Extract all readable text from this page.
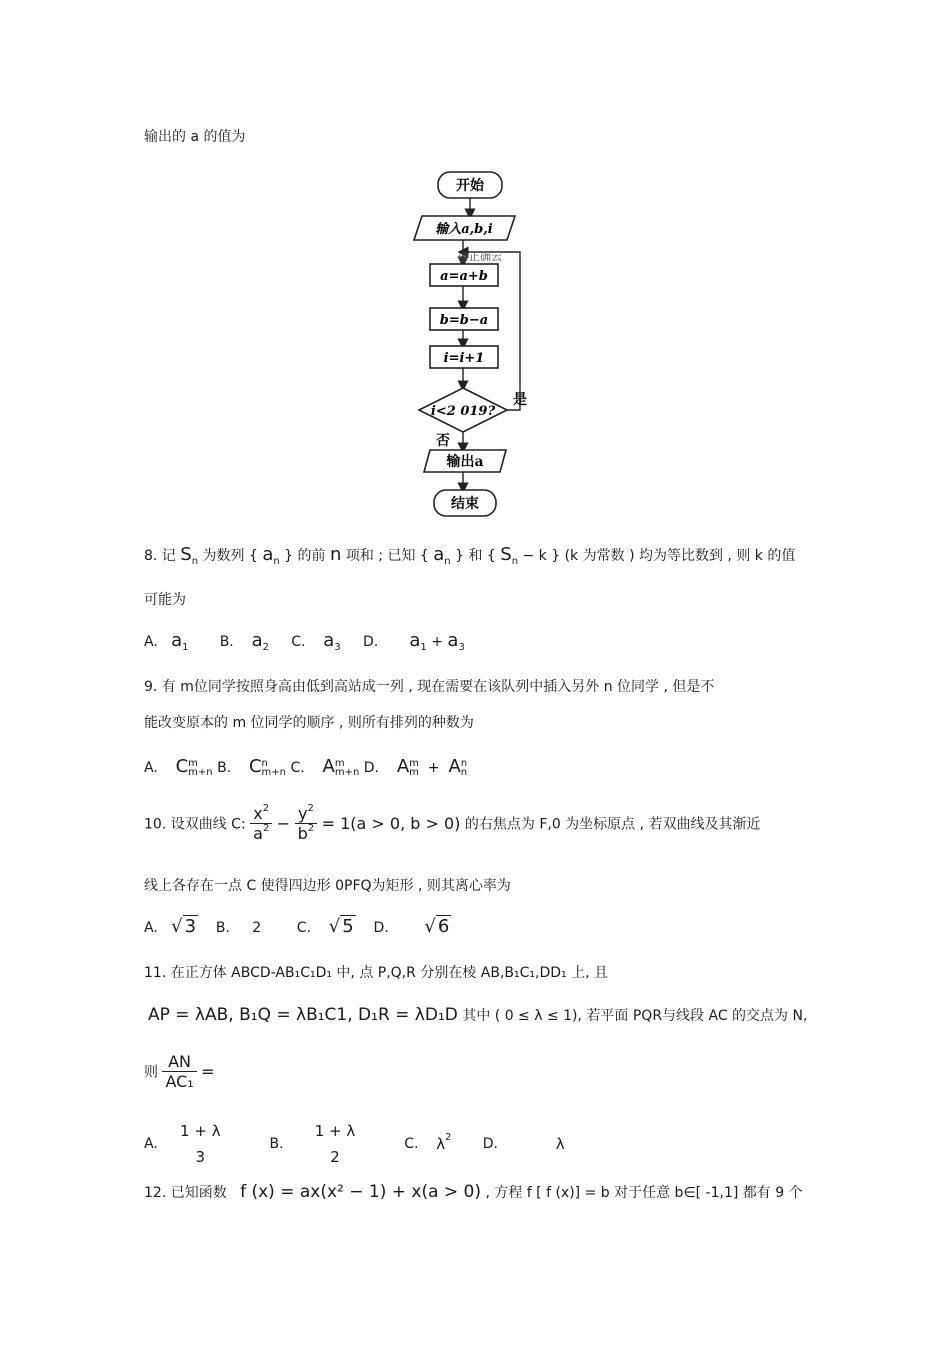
输出的 a 的值为
开始
输入a,b,i
@正确云
a=a+b
b=b−a
i=i+1
i<2 019?
是
否
输出a
结束
8. 记 $S_n$ 为数列 { $a_n$ } 的前 n 项和 ; 已知 { $a_n$ } 和 { $S_n - k$ } (k 为常数 ) 均为等比数到 , 则 k 的值
可能为
A. $a_1$ B. $a_2$ C. $a_3$ D. $a_1 + a_3$
9. 有 m位同学按照身高由低到高站成一列 , 现在需要在该队列中插入另外 n 位同学 , 但是不
能改变原本的 m 位同学的顺序 , 则所有排列的种数为
A. Cm
m+n B. Cn
m+n C. Am
m+n D. Am
m + An
n
10. 设双曲线 C: $\frac{x^2}{a^2} - \frac{y^2}{b^2} = 1(a > 0$, b > 0) 的右焦点为 F,0 为坐标原点 , 若双曲线及其渐近
线上各存在一点 C 使得四边形 0PFQ为矩形 , 则其离心率为
A. √ 3 B. 2	C. √ 5 D. √ 6
11. 在正方体 ABCD-AB₁C₁D₁ 中, 点 P,Q,R 分别在棱 AB,B₁C₁,DD₁ 上, 且
AP = λAB, B₁Q = λB₁C1, D₁R = λD₁D 其中 ( 0 ≤ λ ≤ 1), 若平面 PQR与线段 AC 的交点为 N,
则 $\frac{AN}{\text{AC₁}}$ =
A.     1 + λ
3           B.       1 + λ
2           C. $\lambda^2$ D.	λ
12. 已知函数 f (x) = ax(x² − 1) + x(a > 0) , 方程 f [ f (x)] = b 对于任意 b∈[ -1,1] 都有 9 个
